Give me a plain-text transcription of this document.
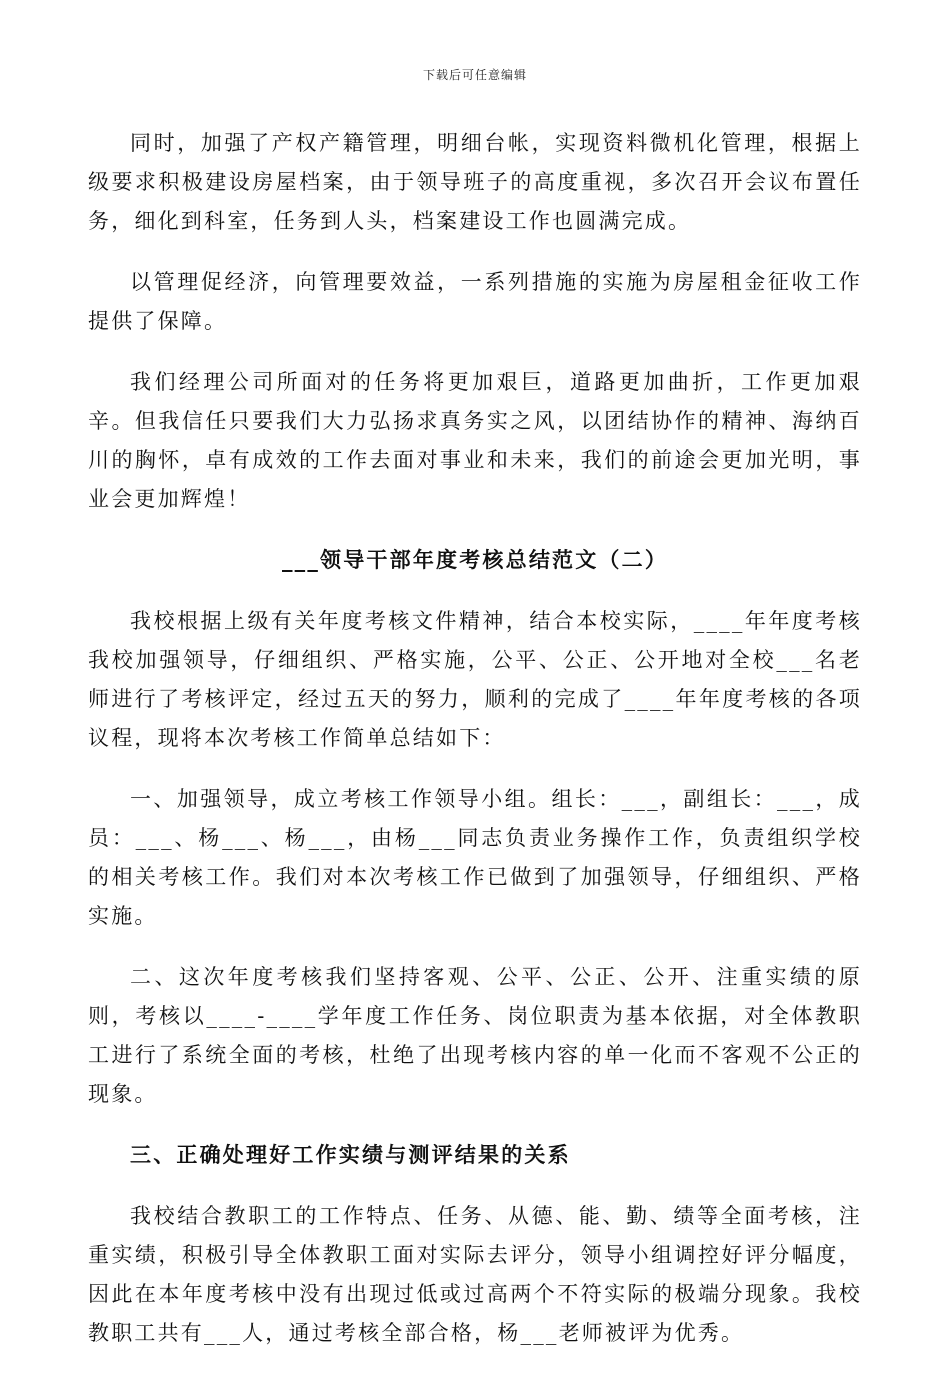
下载后可任意编辑

同时，加强了产权产籍管理，明细台帐，实现资料微机化管理，根据上级要求积极建设房屋档案，由于领导班子的高度重视，多次召开会议布置任务，细化到科室，任务到人头，档案建设工作也圆满完成。

以管理促经济，向管理要效益，一系列措施的实施为房屋租金征收工作提供了保障。

我们经理公司所面对的任务将更加艰巨，道路更加曲折，工作更加艰辛。但我信任只要我们大力弘扬求真务实之风，以团结协作的精神、海纳百川的胸怀，卓有成效的工作去面对事业和未来，我们的前途会更加光明，事业会更加辉煌！

___领导干部年度考核总结范文（二）

我校根据上级有关年度考核文件精神，结合本校实际，____年年度考核我校加强领导，仔细组织、严格实施，公平、公正、公开地对全校___名老师进行了考核评定，经过五天的努力，顺利的完成了____年年度考核的各项议程，现将本次考核工作简单总结如下：

一、加强领导，成立考核工作领导小组。组长：___，副组长：___，成员：___、杨___、杨___，由杨___同志负责业务操作工作，负责组织学校的相关考核工作。我们对本次考核工作已做到了加强领导，仔细组织、严格实施。

二、这次年度考核我们坚持客观、公平、公正、公开、注重实绩的原则，考核以____-____学年度工作任务、岗位职责为基本依据，对全体教职工进行了系统全面的考核，杜绝了出现考核内容的单一化而不客观不公正的现象。

三、正确处理好工作实绩与测评结果的关系

我校结合教职工的工作特点、任务、从德、能、勤、绩等全面考核，注重实绩，积极引导全体教职工面对实际去评分，领导小组调控好评分幅度，因此在本年度考核中没有出现过低或过高两个不符实际的极端分现象。我校教职工共有___人，通过考核全部合格，杨___老师被评为优秀。
